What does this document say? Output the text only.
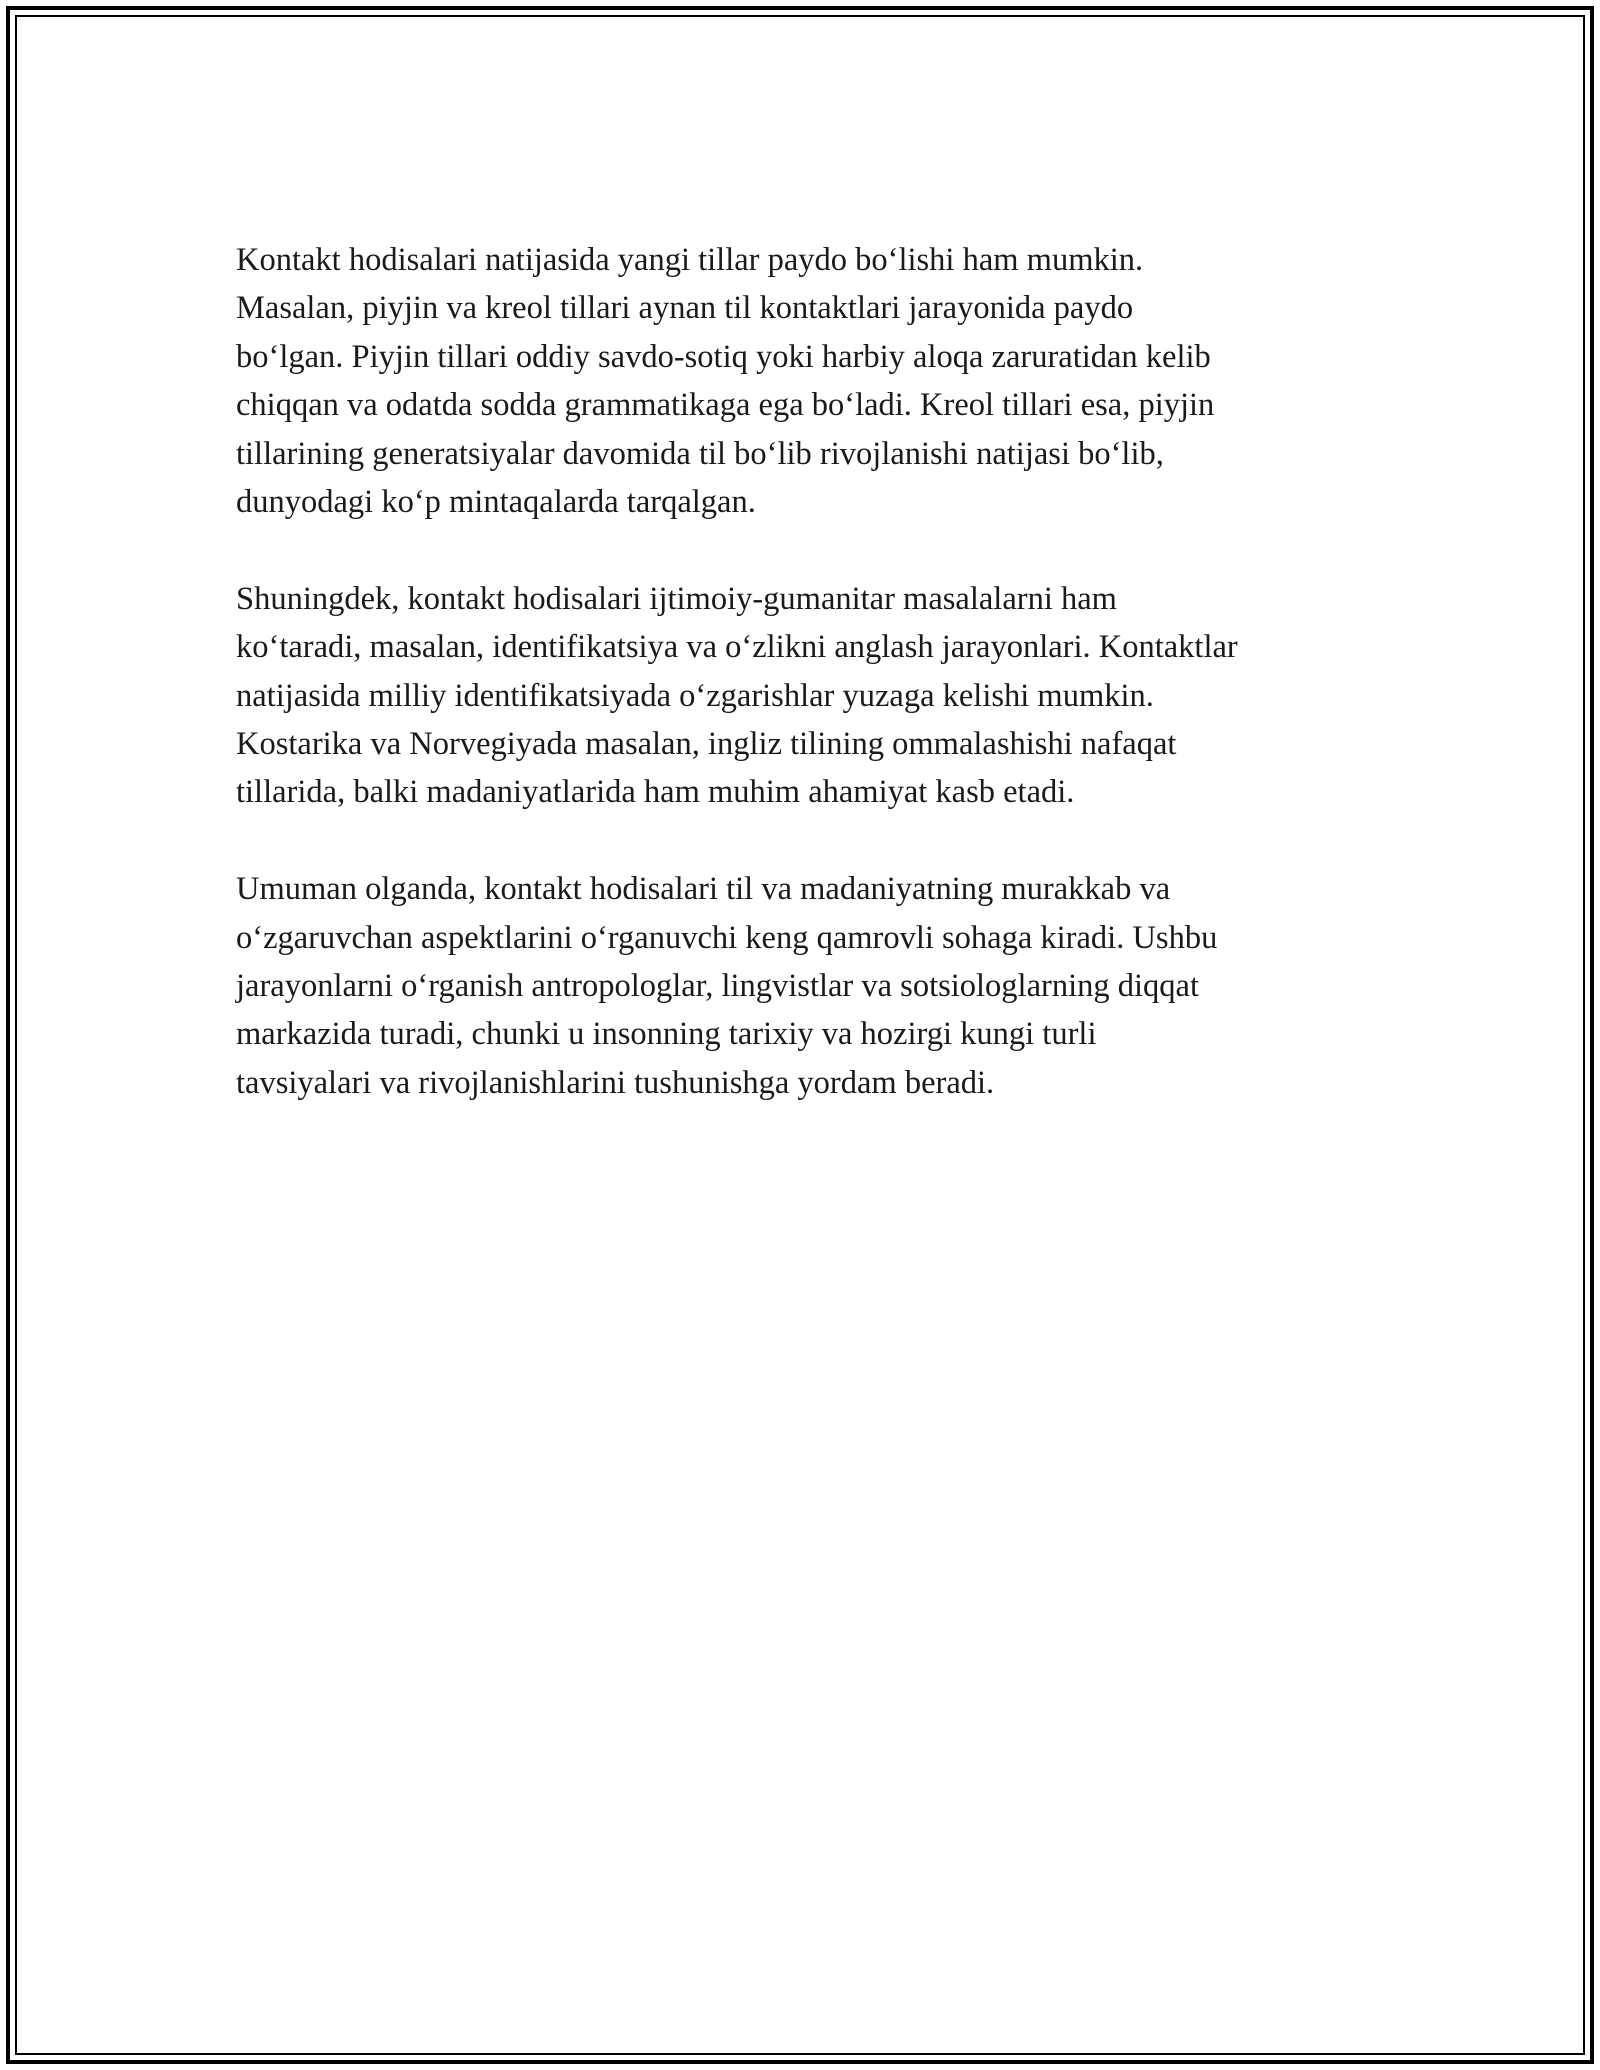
Kontakt hodisalari natijasida yangi tillar paydo boʻlishi ham mumkin.
Masalan, piyjin va kreol tillari aynan til kontaktlari jarayonida paydo
boʻlgan. Piyjin tillari oddiy savdo-sotiq yoki harbiy aloqa zaruratidan kelib
chiqqan va odatda sodda grammatikaga ega boʻladi. Kreol tillari esa, piyjin
tillarining generatsiyalar davomida til boʻlib rivojlanishi natijasi boʻlib,
dunyodagi koʻp mintaqalarda tarqalgan.

Shuningdek, kontakt hodisalari ijtimoiy-gumanitar masalalarni ham
koʻtaradi, masalan, identifikatsiya va oʻzlikni anglash jarayonlari. Kontaktlar
natijasida milliy identifikatsiyada oʻzgarishlar yuzaga kelishi mumkin.
Kostarika va Norvegiyada masalan, ingliz tilining ommalashishi nafaqat
tillarida, balki madaniyatlarida ham muhim ahamiyat kasb etadi.

Umuman olganda, kontakt hodisalari til va madaniyatning murakkab va
oʻzgaruvchan aspektlarini oʻrganuvchi keng qamrovli sohaga kiradi. Ushbu
jarayonlarni oʻrganish antropologlar, lingvistlar va sotsiologlarning diqqat
markazida turadi, chunki u insonning tarixiy va hozirgi kungi turli
tavsiyalari va rivojlanishlarini tushunishga yordam beradi.
